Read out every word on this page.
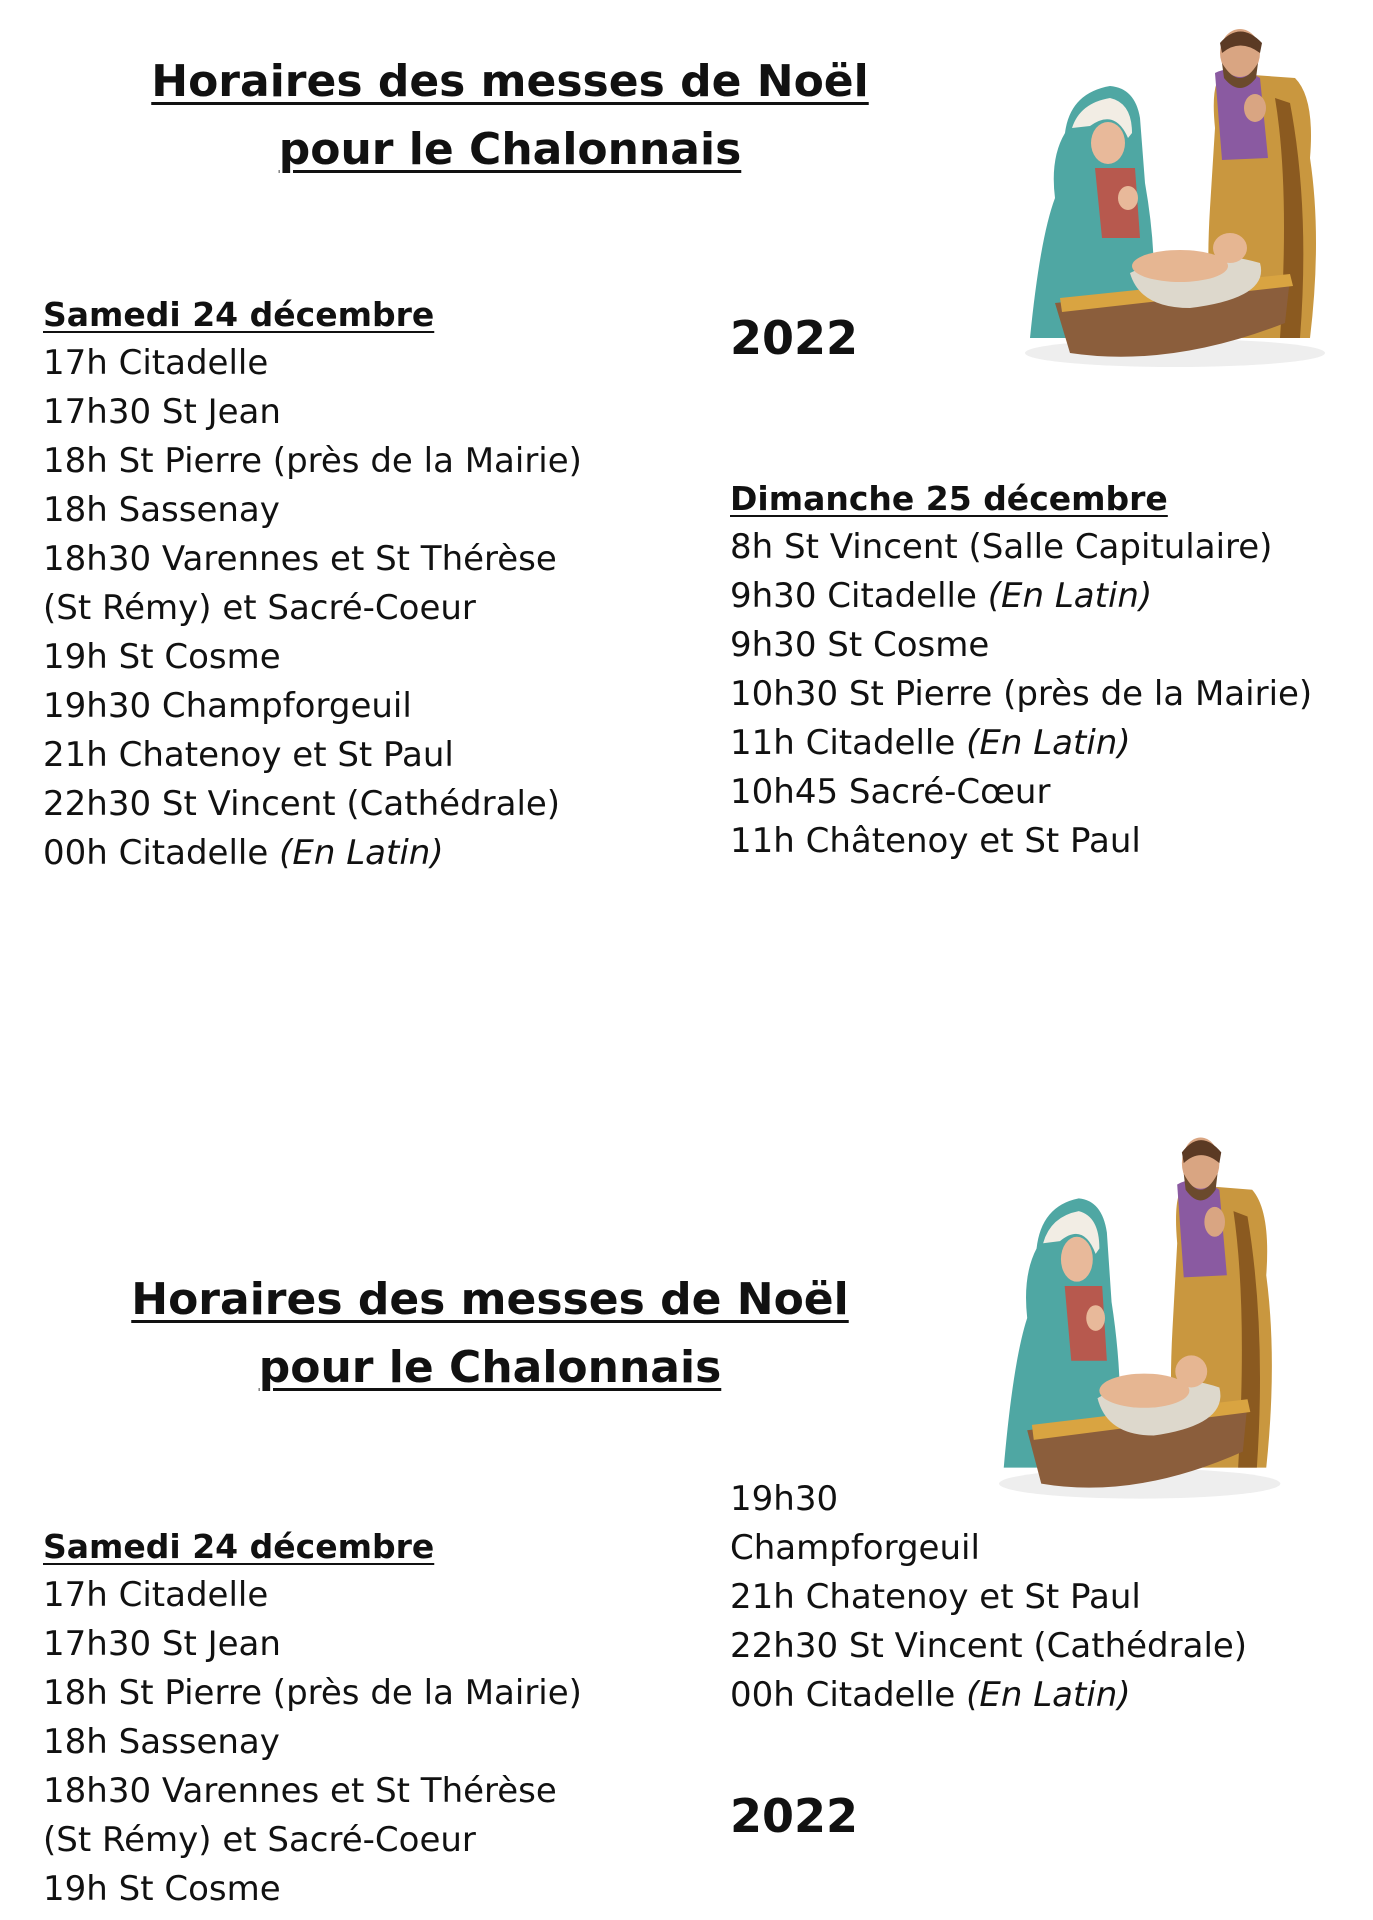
Horaires des messes de Noël

pour le Chalonnais

Samedi 24 décembre
17h Citadelle
17h30 St Jean
18h St Pierre (près de la Mairie)
18h Sassenay
18h30 Varennes et St Thérèse (St Rémy) et Sacré-Coeur
19h St Cosme
19h30 Champforgeuil
21h Chatenoy et St Paul
22h30 St Vincent (Cathédrale)
00h Citadelle (En Latin)
2022
Dimanche 25 décembre
8h St Vincent (Salle Capitulaire)
9h30 Citadelle (En Latin)
9h30 St Cosme
10h30 St Pierre (près de la Mairie)
11h Citadelle (En Latin)
10h45 Sacré-Cœur
11h Châtenoy et St Paul

Horaires des messes de Noël

pour le Chalonnais

Samedi 24 décembre
17h Citadelle
17h30 St Jean
18h St Pierre (près de la Mairie)
18h Sassenay
18h30 Varennes et St Thérèse (St Rémy) et Sacré-Coeur
19h St Cosme
19h30
Champforgeuil
21h Chatenoy et St Paul
22h30 St Vincent (Cathédrale)
00h Citadelle (En Latin)
2022
